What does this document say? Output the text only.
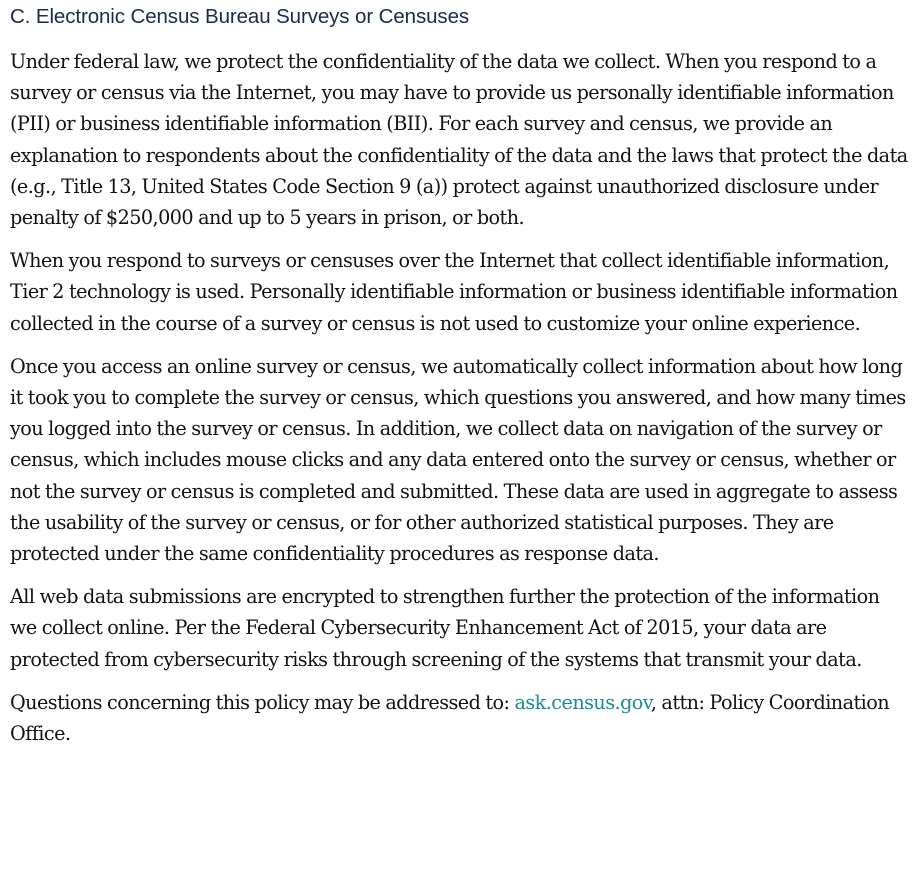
C. Electronic Census Bureau Surveys or Censuses

Under federal law, we protect the confidentiality of the data we collect. When you respond to a survey or census via the Internet, you may have to provide us personally identifiable information (PII) or business identifiable information (BII). For each survey and census, we provide an explanation to respondents about the confidentiality of the data and the laws that protect the data (e.g., Title 13, United States Code Section 9 (a)) protect against unauthorized disclosure under penalty of $250,000 and up to 5 years in prison, or both.

When you respond to surveys or censuses over the Internet that collect identifiable information, Tier 2 technology is used. Personally identifiable information or business identifiable information collected in the course of a survey or census is not used to customize your online experience.

Once you access an online survey or census, we automatically collect information about how long it took you to complete the survey or census, which questions you answered, and how many times you logged into the survey or census. In addition, we collect data on navigation of the survey or census, which includes mouse clicks and any data entered onto the survey or census, whether or not the survey or census is completed and submitted. These data are used in aggregate to assess the usability of the survey or census, or for other authorized statistical purposes. They are protected under the same confidentiality procedures as response data.

All web data submissions are encrypted to strengthen further the protection of the information we collect online. Per the Federal Cybersecurity Enhancement Act of 2015, your data are protected from cybersecurity risks through screening of the systems that transmit your data.

Questions concerning this policy may be addressed to: ask.census.gov, attn: Policy Coordination Office.
